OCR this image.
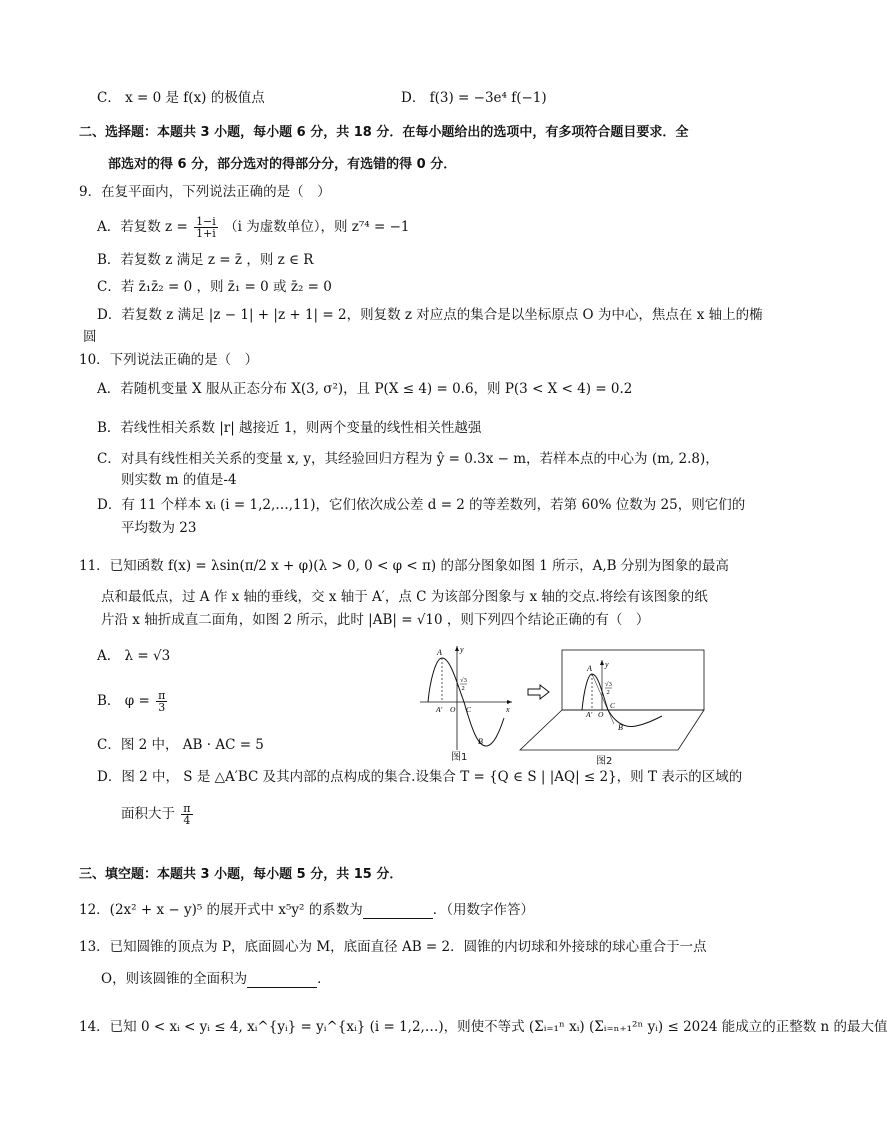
C． x = 0 是 f(x) 的极值点	D． f(3) = −3e⁴ f(−1)
二、选择题：本题共 3 小题，每小题 6 分，共 18 分．在每小题给出的选项中，有多项符合题目要求．全
部选对的得 6 分，部分选对的得部分分，有选错的得 0 分．
9．在复平面内，下列说法正确的是（　）
A．若复数 $z = \frac{1-i}{1+i} (i$ 为虚数单位），则 z⁷⁴ = −1
B．若复数 z 满足 z = z̄ ，则 z ∈ R
C．若 z̄₁z̄₂ = 0 ，则 z̄₁ = 0 或 z̄₂ = 0
D．若复数 z 满足 |z − 1| + |z + 1| = 2，则复数 z 对应点的集合是以坐标原点 O 为中心，焦点在 x 轴上的椭
圆
10．下列说法正确的是（　）
A．若随机变量 X 服从正态分布 X(3, σ²)，且 P(X ≤ 4) = 0.6，则 P(3 < X < 4) = 0.2
B．若线性相关系数 |r| 越接近 1，则两个变量的线性相关性越强
C．对具有线性相关关系的变量 x, y，其经验回归方程为 ŷ = 0.3x − m，若样本点的中心为 (m, 2.8)，
则实数 m 的值是-4
D．有 11 个样本 xᵢ (i = 1,2,…,11)，它们依次成公差 d = 2 的等差数列，若第 60% 位数为 25，则它们的
平均数为 23
11．已知函数 f(x) = λsin(π/2 x + φ)(λ > 0, 0 < φ < π) 的部分图象如图 1 所示，A,B 分别为图象的最高
点和最低点，过 A 作 x 轴的垂线，交 x 轴于 A′，点 C 为该部分图象与 x 轴的交点.将绘有该图象的纸
片沿 x 轴折成直二面角，如图 2 所示，此时 |AB| = √10 ，则下列四个结论正确的有（　）
A． λ = √3
B． $\varphi = \frac{\pi}{3}$
C．图 2 中， AB · AC = 5
D．图 2 中， S 是 △A′BC 及其内部的点构成的集合.设集合 T = {Q ∈ S | |AQ| ≤ 2}，则 T 表示的区域的
面积大于 $\frac{\pi}{4}$
A y
√3
2
A′ O C
B
x
图1
A y
√3
2
A′ O
C
B
图2
三、填空题：本题共 3 小题，每小题 5 分，共 15 分．
12．(2x² + x − y)⁵ 的展开式中 x⁵y² 的系数为	．（用数字作答）
13．已知圆锥的顶点为 P，底面圆心为 M，底面直径 AB = 2．圆锥的内切球和外接球的球心重合于一点
O，则该圆锥的全面积为	．
14．已知 0 < xᵢ < yᵢ ≤ 4, xᵢ^{yᵢ} = yᵢ^{xᵢ} (i = 1,2,…)，则使不等式 (Σᵢ₌₁ⁿ xᵢ) (Σᵢ₌ₙ₊₁²ⁿ yᵢ) ≤ 2024 能成立的正整数 n 的最大值
